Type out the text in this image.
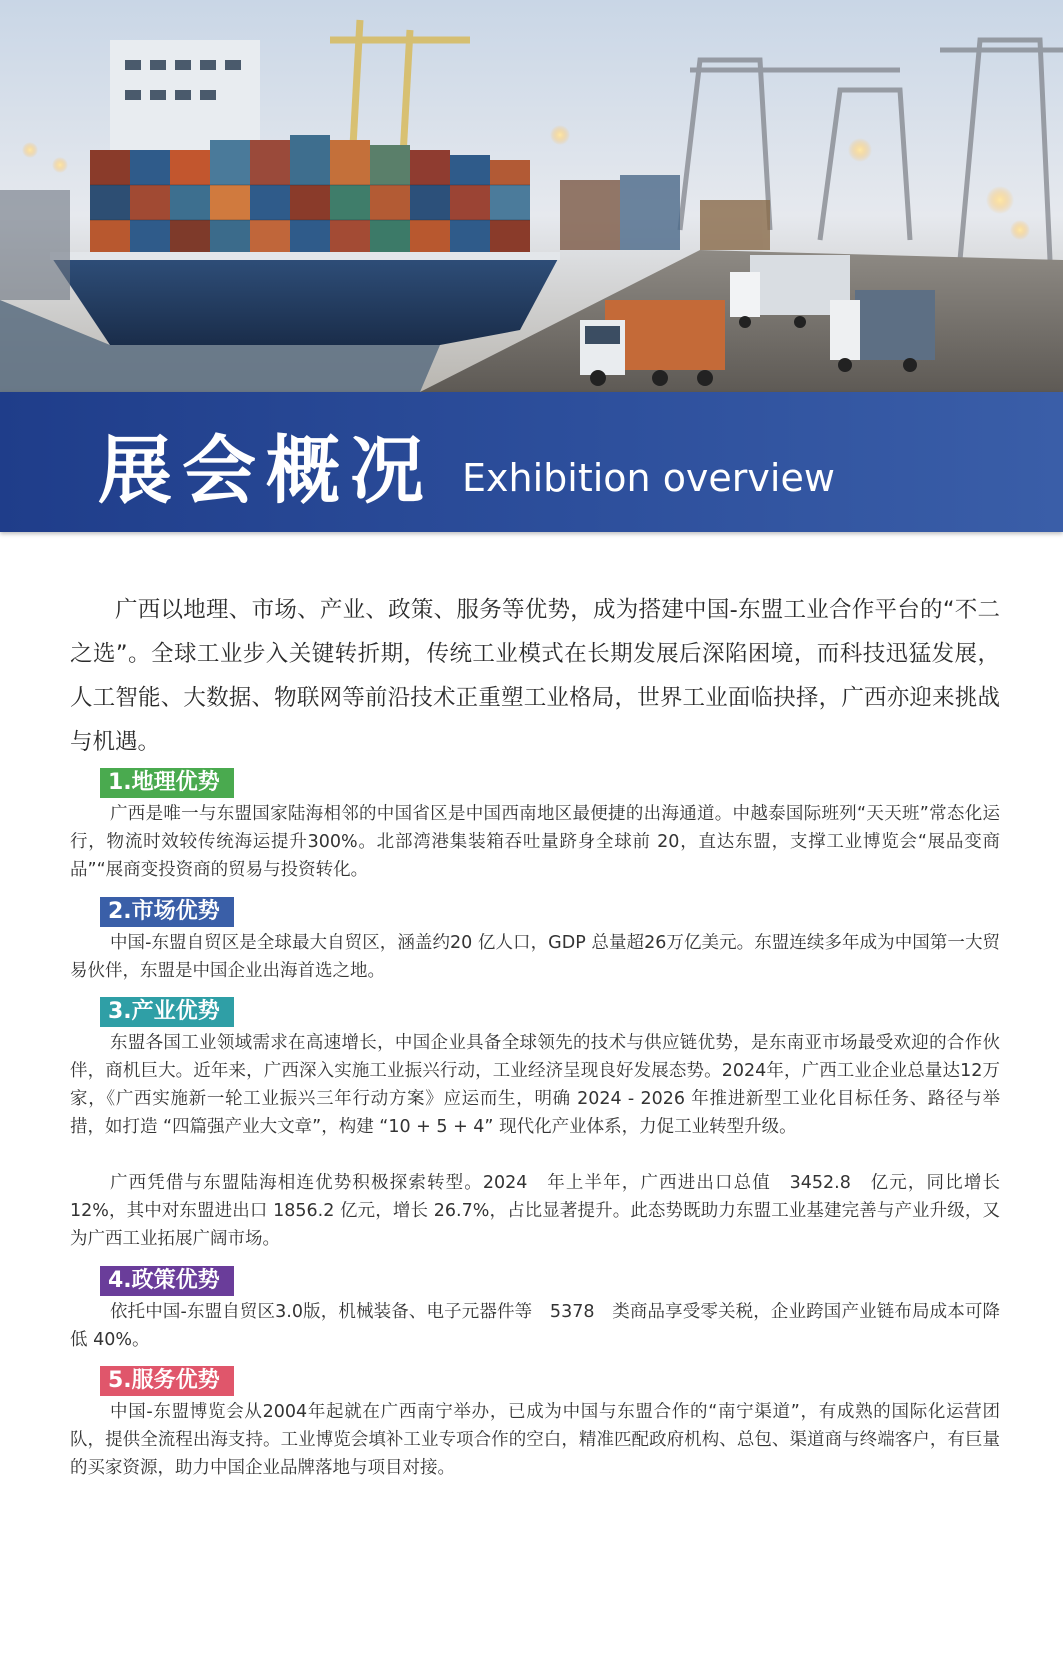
展会概况 Exhibition overview
广西以地理、市场、产业、政策、服务等优势，成为搭建中国-东盟工业合作平台的“不二之选”。全球工业步入关键转折期，传统工业模式在长期发展后深陷困境，而科技迅猛发展，人工智能、大数据、物联网等前沿技术正重塑工业格局，世界工业面临抉择，广西亦迎来挑战与机遇。
1.地理优势
广西是唯一与东盟国家陆海相邻的中国省区是中国西南地区最便捷的出海通道。中越泰国际班列“天天班”常态化运行，物流时效较传统海运提升300%。北部湾港集装箱吞吐量跻身全球前 20，直达东盟，支撑工业博览会“展品变商品”“展商变投资商的贸易与投资转化。
2.市场优势
中国-东盟自贸区是全球最大自贸区，涵盖约20 亿人口，GDP 总量超26万亿美元。东盟连续多年成为中国第一大贸易伙伴，东盟是中国企业出海首选之地。
3.产业优势
东盟各国工业领域需求在高速增长，中国企业具备全球领先的技术与供应链优势，是东南亚市场最受欢迎的合作伙伴，商机巨大。近年来，广西深入实施工业振兴行动，工业经济呈现良好发展态势。2024年，广西工业企业总量达12万家，《广西实施新一轮工业振兴三年行动方案》应运而生，明确 2024 - 2026 年推进新型工业化目标任务、路径与举措，如打造 “四篇强产业大文章”，构建 “10 + 5 + 4” 现代化产业体系，力促工业转型升级。
广西凭借与东盟陆海相连优势积极探索转型。2024　年上半年，广西进出口总值　3452.8　亿元，同比增长 12%，其中对东盟进出口 1856.2 亿元，增长 26.7%，占比显著提升。此态势既助力东盟工业基建完善与产业升级，又为广西工业拓展广阔市场。
4.政策优势
依托中国-东盟自贸区3.0版，机械装备、电子元器件等　5378　类商品享受零关税，企业跨国产业链布局成本可降低 40%。
5.服务优势
中国-东盟博览会从2004年起就在广西南宁举办，已成为中国与东盟合作的“南宁渠道”，有成熟的国际化运营团队，提供全流程出海支持。工业博览会填补工业专项合作的空白，精准匹配政府机构、总包、渠道商与终端客户，有巨量的买家资源，助力中国企业品牌落地与项目对接。
